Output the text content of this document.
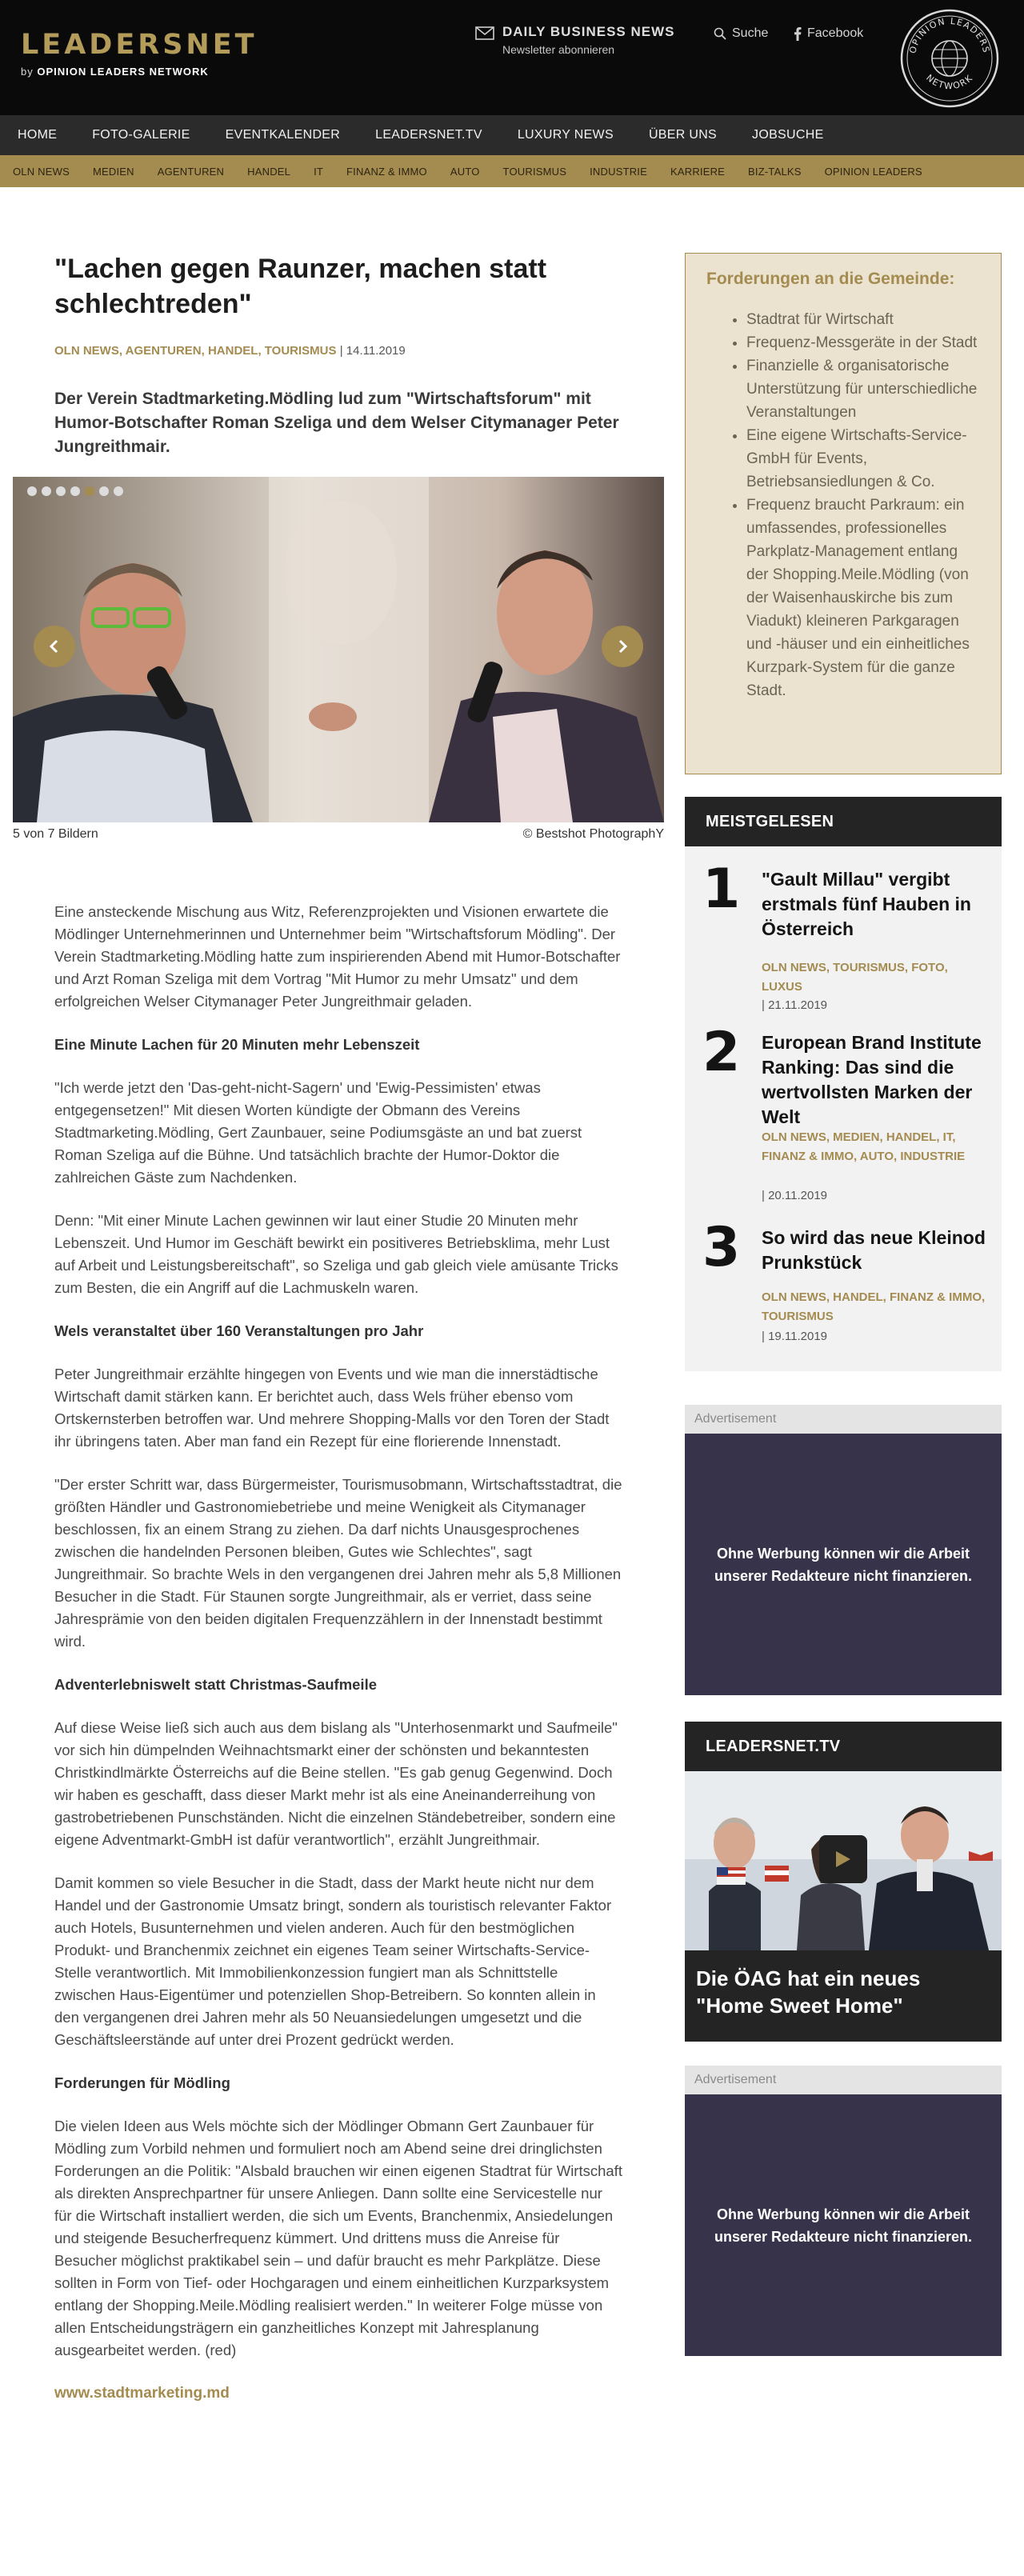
LEADERSNET
by OPINION LEADERS NETWORK
DAILY BUSINESS NEWS
Newsletter abonnieren
Suche	Facebook
OPINION LEADERS
NETWORK
HOME	FOTO-GALERIE	EVENTKALENDER	LEADERSNET.TV	LUXURY NEWS	ÜBER UNS	JOBSUCHE
OLN NEWS MEDIEN AGENTUREN HANDEL IT FINANZ & IMMO AUTO TOURISMUS INDUSTRIE KARRIERE BIZ-TALKS OPINION LEADERS
"Lachen gegen Raunzer, machen statt schlechtreden"
OLN NEWS, AGENTUREN, HANDEL, TOURISMUS | 14.11.2019
Der Verein Stadtmarketing.Mödling lud zum "Wirtschaftsforum" mit Humor-Botschafter Roman Szeliga und dem Welser Citymanager Peter Jungreithmair.
5 von 7 Bildern	© Bestshot PhotographY

Eine ansteckende Mischung aus Witz, Referenzprojekten und Visionen erwartete die Mödlinger Unternehmerinnen und Unternehmer beim "Wirtschaftsforum Mödling". Der Verein Stadtmarketing.Mödling hatte zum inspirierenden Abend mit Humor-Botschafter und Arzt Roman Szeliga mit dem Vortrag "Mit Humor zu mehr Umsatz" und dem erfolgreichen Welser Citymanager Peter Jungreithmair geladen.

Eine Minute Lachen für 20 Minuten mehr Lebenszeit

"Ich werde jetzt den 'Das-geht-nicht-Sagern' und 'Ewig-Pessimisten' etwas entgegensetzen!" Mit diesen Worten kündigte der Obmann des Vereins Stadtmarketing.Mödling, Gert Zaunbauer, seine Podiumsgäste an und bat zuerst Roman Szeliga auf die Bühne. Und tatsächlich brachte der Humor-Doktor die zahlreichen Gäste zum Nachdenken.

Denn: "Mit einer Minute Lachen gewinnen wir laut einer Studie 20 Minuten mehr Lebenszeit. Und Humor im Geschäft bewirkt ein positiveres Betriebsklima, mehr Lust auf Arbeit und Leistungsbereitschaft", so Szeliga und gab gleich viele amüsante Tricks zum Besten, die ein Angriff auf die Lachmuskeln waren.

Wels veranstaltet über 160 Veranstaltungen pro Jahr

Peter Jungreithmair erzählte hingegen von Events und wie man die innerstädtische Wirtschaft damit stärken kann. Er berichtet auch, dass Wels früher ebenso vom Ortskernsterben betroffen war. Und mehrere Shopping-Malls vor den Toren der Stadt ihr übringens taten. Aber man fand ein Rezept für eine florierende Innenstadt.

"Der erster Schritt war, dass Bürgermeister, Tourismusobmann, Wirtschaftsstadtrat, die größten Händler und Gastronomiebetriebe und meine Wenigkeit als Citymanager beschlossen, fix an einem Strang zu ziehen. Da darf nichts Unausgesprochenes zwischen die handelnden Personen bleiben, Gutes wie Schlechtes", sagt Jungreithmair. So brachte Wels in den vergangenen drei Jahren mehr als 5,8 Millionen Besucher in die Stadt. Für Staunen sorgte Jungreithmair, als er verriet, dass seine Jahresprämie von den beiden digitalen Frequenzzählern in der Innenstadt bestimmt wird.

Adventerlebniswelt statt Christmas-Saufmeile

Auf diese Weise ließ sich auch aus dem bislang als "Unterhosenmarkt und Saufmeile" vor sich hin dümpelnden Weihnachtsmarkt einer der schönsten und bekanntesten Christkindlmärkte Österreichs auf die Beine stellen. "Es gab genug Gegenwind. Doch wir haben es geschafft, dass dieser Markt mehr ist als eine Aneinanderreihung von gastrobetriebenen Punschständen. Nicht die einzelnen Ständebetreiber, sondern eine eigene Adventmarkt-GmbH ist dafür verantwortlich", erzählt Jungreithmair.

Damit kommen so viele Besucher in die Stadt, dass der Markt heute nicht nur dem Handel und der Gastronomie Umsatz bringt, sondern als touristisch relevanter Faktor auch Hotels, Busunternehmen und vielen anderen. Auch für den bestmöglichen Produkt- und Branchenmix zeichnet ein eigenes Team seiner Wirtschafts-Service-Stelle verantwortlich. Mit Immobilienkonzession fungiert man als Schnittstelle zwischen Haus-Eigentümer und potenziellen Shop-Betreibern. So konnten allein in den vergangenen drei Jahren mehr als 50 Neuansiedelungen umgesetzt und die Geschäftsleerstände auf unter drei Prozent gedrückt werden.

Forderungen für Mödling

Die vielen Ideen aus Wels möchte sich der Mödlinger Obmann Gert Zaunbauer für Mödling zum Vorbild nehmen und formuliert noch am Abend seine drei dringlichsten Forderungen an die Politik: "Alsbald brauchen wir einen eigenen Stadtrat für Wirtschaft als direkten Ansprechpartner für unsere Anliegen. Dann sollte eine Servicestelle nur für die Wirtschaft installiert werden, die sich um Events, Branchenmix, Ansiedelungen und steigende Besucherfrequenz kümmert. Und drittens muss die Anreise für Besucher möglichst praktikabel sein – und dafür braucht es mehr Parkplätze. Diese sollten in Form von Tief- oder Hochgaragen und einem einheitlichen Kurzparksystem entlang der Shopping.Meile.Mödling realisiert werden." In weiterer Folge müsse von allen Entscheidungsträgern ein ganzheitliches Konzept mit Jahresplanung ausgearbeitet werden. (red)

www.stadtmarketing.md
Forderungen an die Gemeinde:
• Stadtrat für Wirtschaft
• Frequenz-Messgeräte in der Stadt
• Finanzielle & organisatorische Unterstützung für unterschiedliche Veranstaltungen
• Eine eigene Wirtschafts-Service-GmbH für Events, Betriebsansiedlungen & Co.
• Frequenz braucht Parkraum: ein umfassendes, professionelles Parkplatz-Management entlang der Shopping.Meile.Mödling (von der Waisenhauskirche bis zum Viadukt) kleineren Parkgaragen und -häuser und ein einheitliches Kurzpark-System für die ganze Stadt.
MEISTGELESEN
1 "Gault Millau" vergibt erstmals fünf Hauben in Österreich
OLN NEWS, TOURISMUS, FOTO, LUXUS
| 21.11.2019
2 European Brand Institute Ranking: Das sind die wertvollsten Marken der Welt
OLN NEWS, MEDIEN, HANDEL, IT, FINANZ & IMMO, AUTO, INDUSTRIE
| 20.11.2019
3 So wird das neue Kleinod Prunkstück
OLN NEWS, HANDEL, FINANZ & IMMO, TOURISMUS
| 19.11.2019
Advertisement
Ohne Werbung können wir die Arbeit unserer Redakteure nicht finanzieren.
LEADERSNET.TV
Die ÖAG hat ein neues "Home Sweet Home"
Advertisement
Ohne Werbung können wir die Arbeit unserer Redakteure nicht finanzieren.
